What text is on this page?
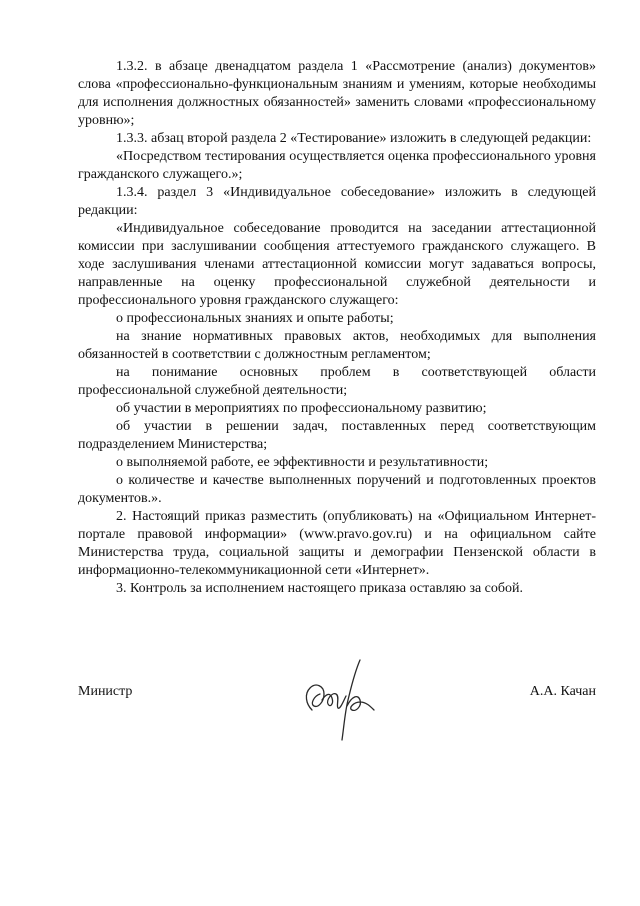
1.3.2. в абзаце двенадцатом раздела 1 «Рассмотрение (анализ) документов» слова «профессионально-функциональным знаниям и умениям, которые необходимы для исполнения должностных обязанностей» заменить словами «профессиональному уровню»;

1.3.3. абзац второй раздела 2 «Тестирование» изложить в следующей редакции:

«Посредством тестирования осуществляется оценка профессионального уровня гражданского служащего.»;

1.3.4. раздел 3 «Индивидуальное собеседование» изложить в следующей редакции:

«Индивидуальное собеседование проводится на заседании аттестационной комиссии при заслушивании сообщения аттестуемого гражданского служащего. В ходе заслушивания членами аттестационной комиссии могут задаваться вопросы, направленные на оценку профессиональной служебной деятельности и профессионального уровня гражданского служащего:

о профессиональных знаниях и опыте работы;

на знание нормативных правовых актов, необходимых для выполнения обязанностей в соответствии с должностным регламентом;

на понимание основных проблем в соответствующей области профессиональной служебной деятельности;

об участии в мероприятиях по профессиональному развитию;

об участии в решении задач, поставленных перед соответствующим подразделением Министерства;

о выполняемой работе, ее эффективности и результативности;

о количестве и качестве выполненных поручений и подготовленных проектов документов.».

2. Настоящий приказ разместить (опубликовать) на «Официальном Интернет-портале правовой информации» (www.pravo.gov.ru) и на официальном сайте Министерства труда, социальной защиты и демографии Пензенской области в информационно-телекоммуникационной сети «Интернет».

3. Контроль за исполнением настоящего приказа оставляю за собой.

Министр	А.А. Качан
